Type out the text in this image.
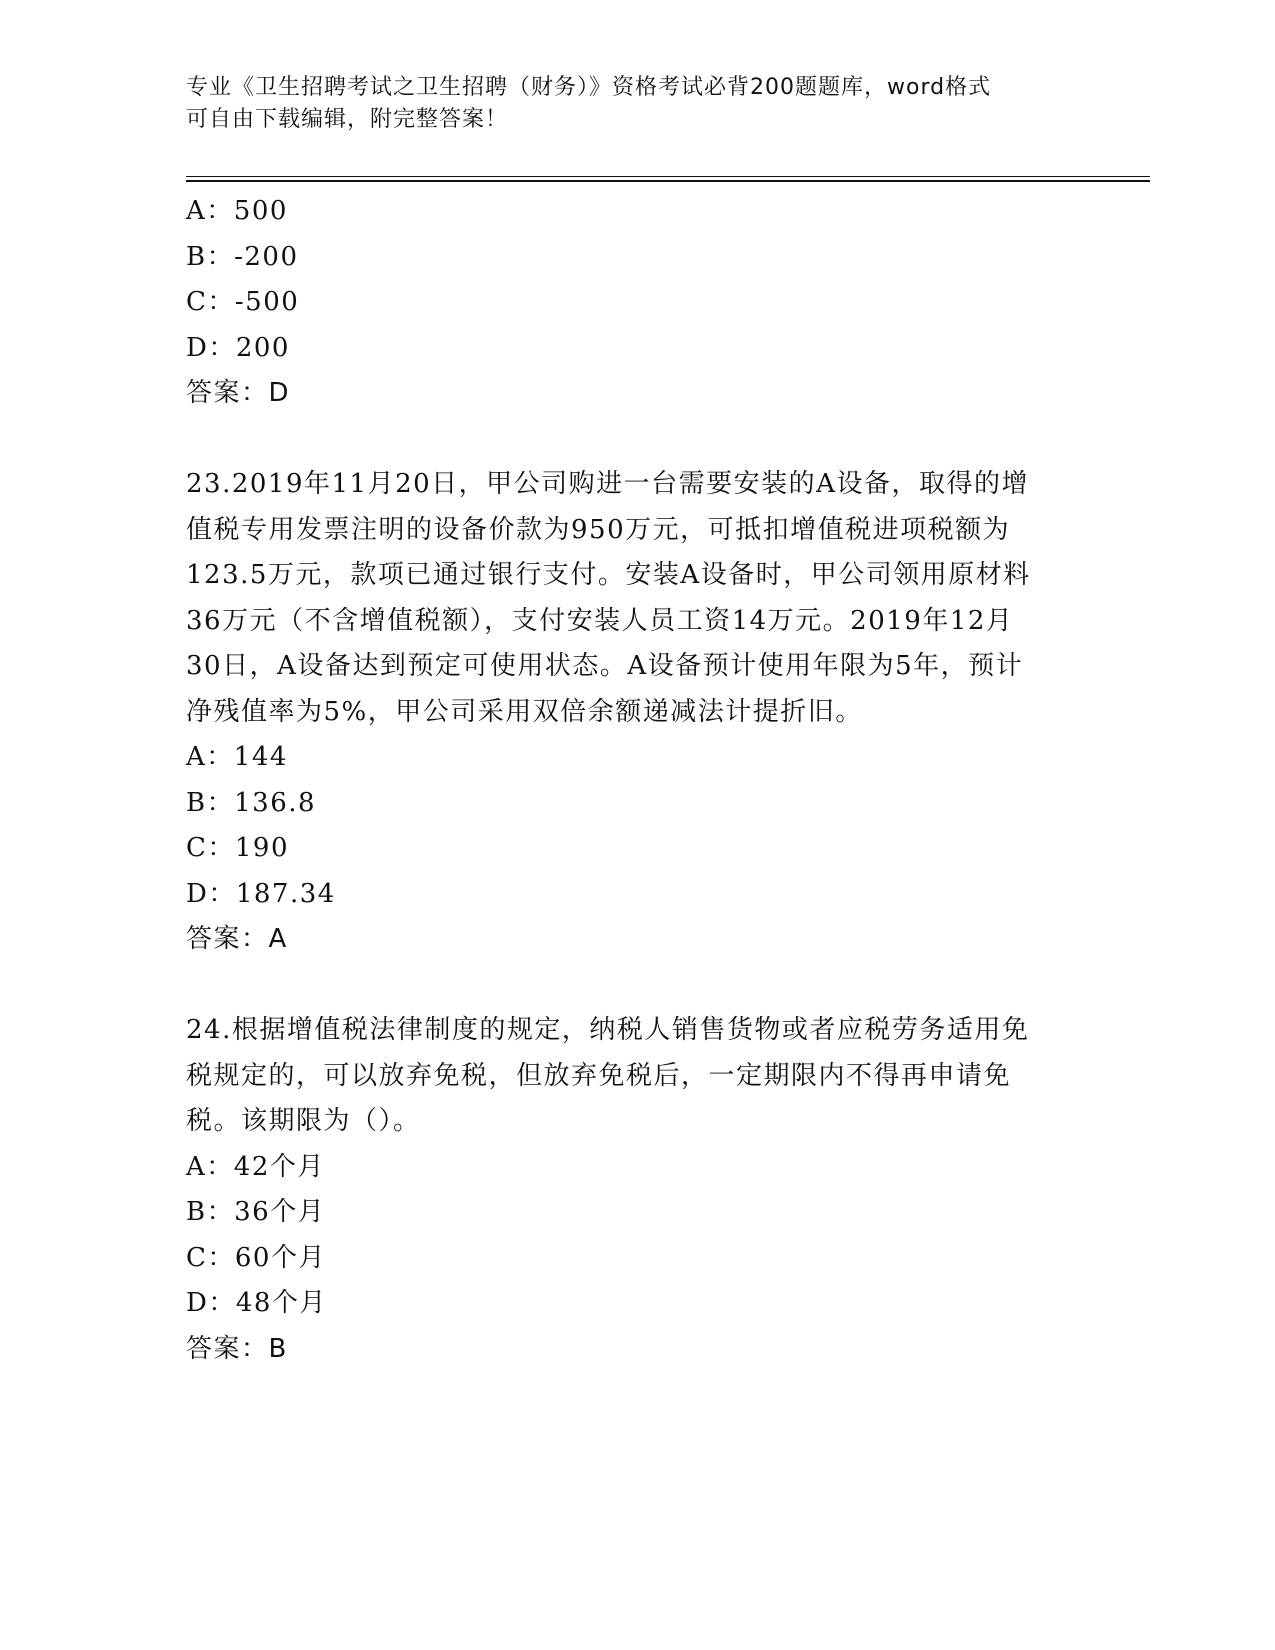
专业《卫生招聘考试之卫生招聘（财务）》资格考试必背200题题库，word格式
可自由下载编辑，附完整答案！
A：500
B：-200
C：-500
D：200
答案：D
23.2019年11月20日，甲公司购进一台需要安装的A设备，取得的增
值税专用发票注明的设备价款为950万元，可抵扣增值税进项税额为
123.5万元，款项已通过银行支付。安装A设备时，甲公司领用原材料
36万元（不含增值税额），支付安装人员工资14万元。2019年12月
30日，A设备达到预定可使用状态。A设备预计使用年限为5年，预计
净残值率为5%，甲公司采用双倍余额递减法计提折旧。
A：144
B：136.8
C：190
D：187.34
答案：A
24.根据增值税法律制度的规定，纳税人销售货物或者应税劳务适用免
税规定的，可以放弃免税，但放弃免税后，一定期限内不得再申请免
税。该期限为（）。
A：42个月
B：36个月
C：60个月
D：48个月
答案：B
